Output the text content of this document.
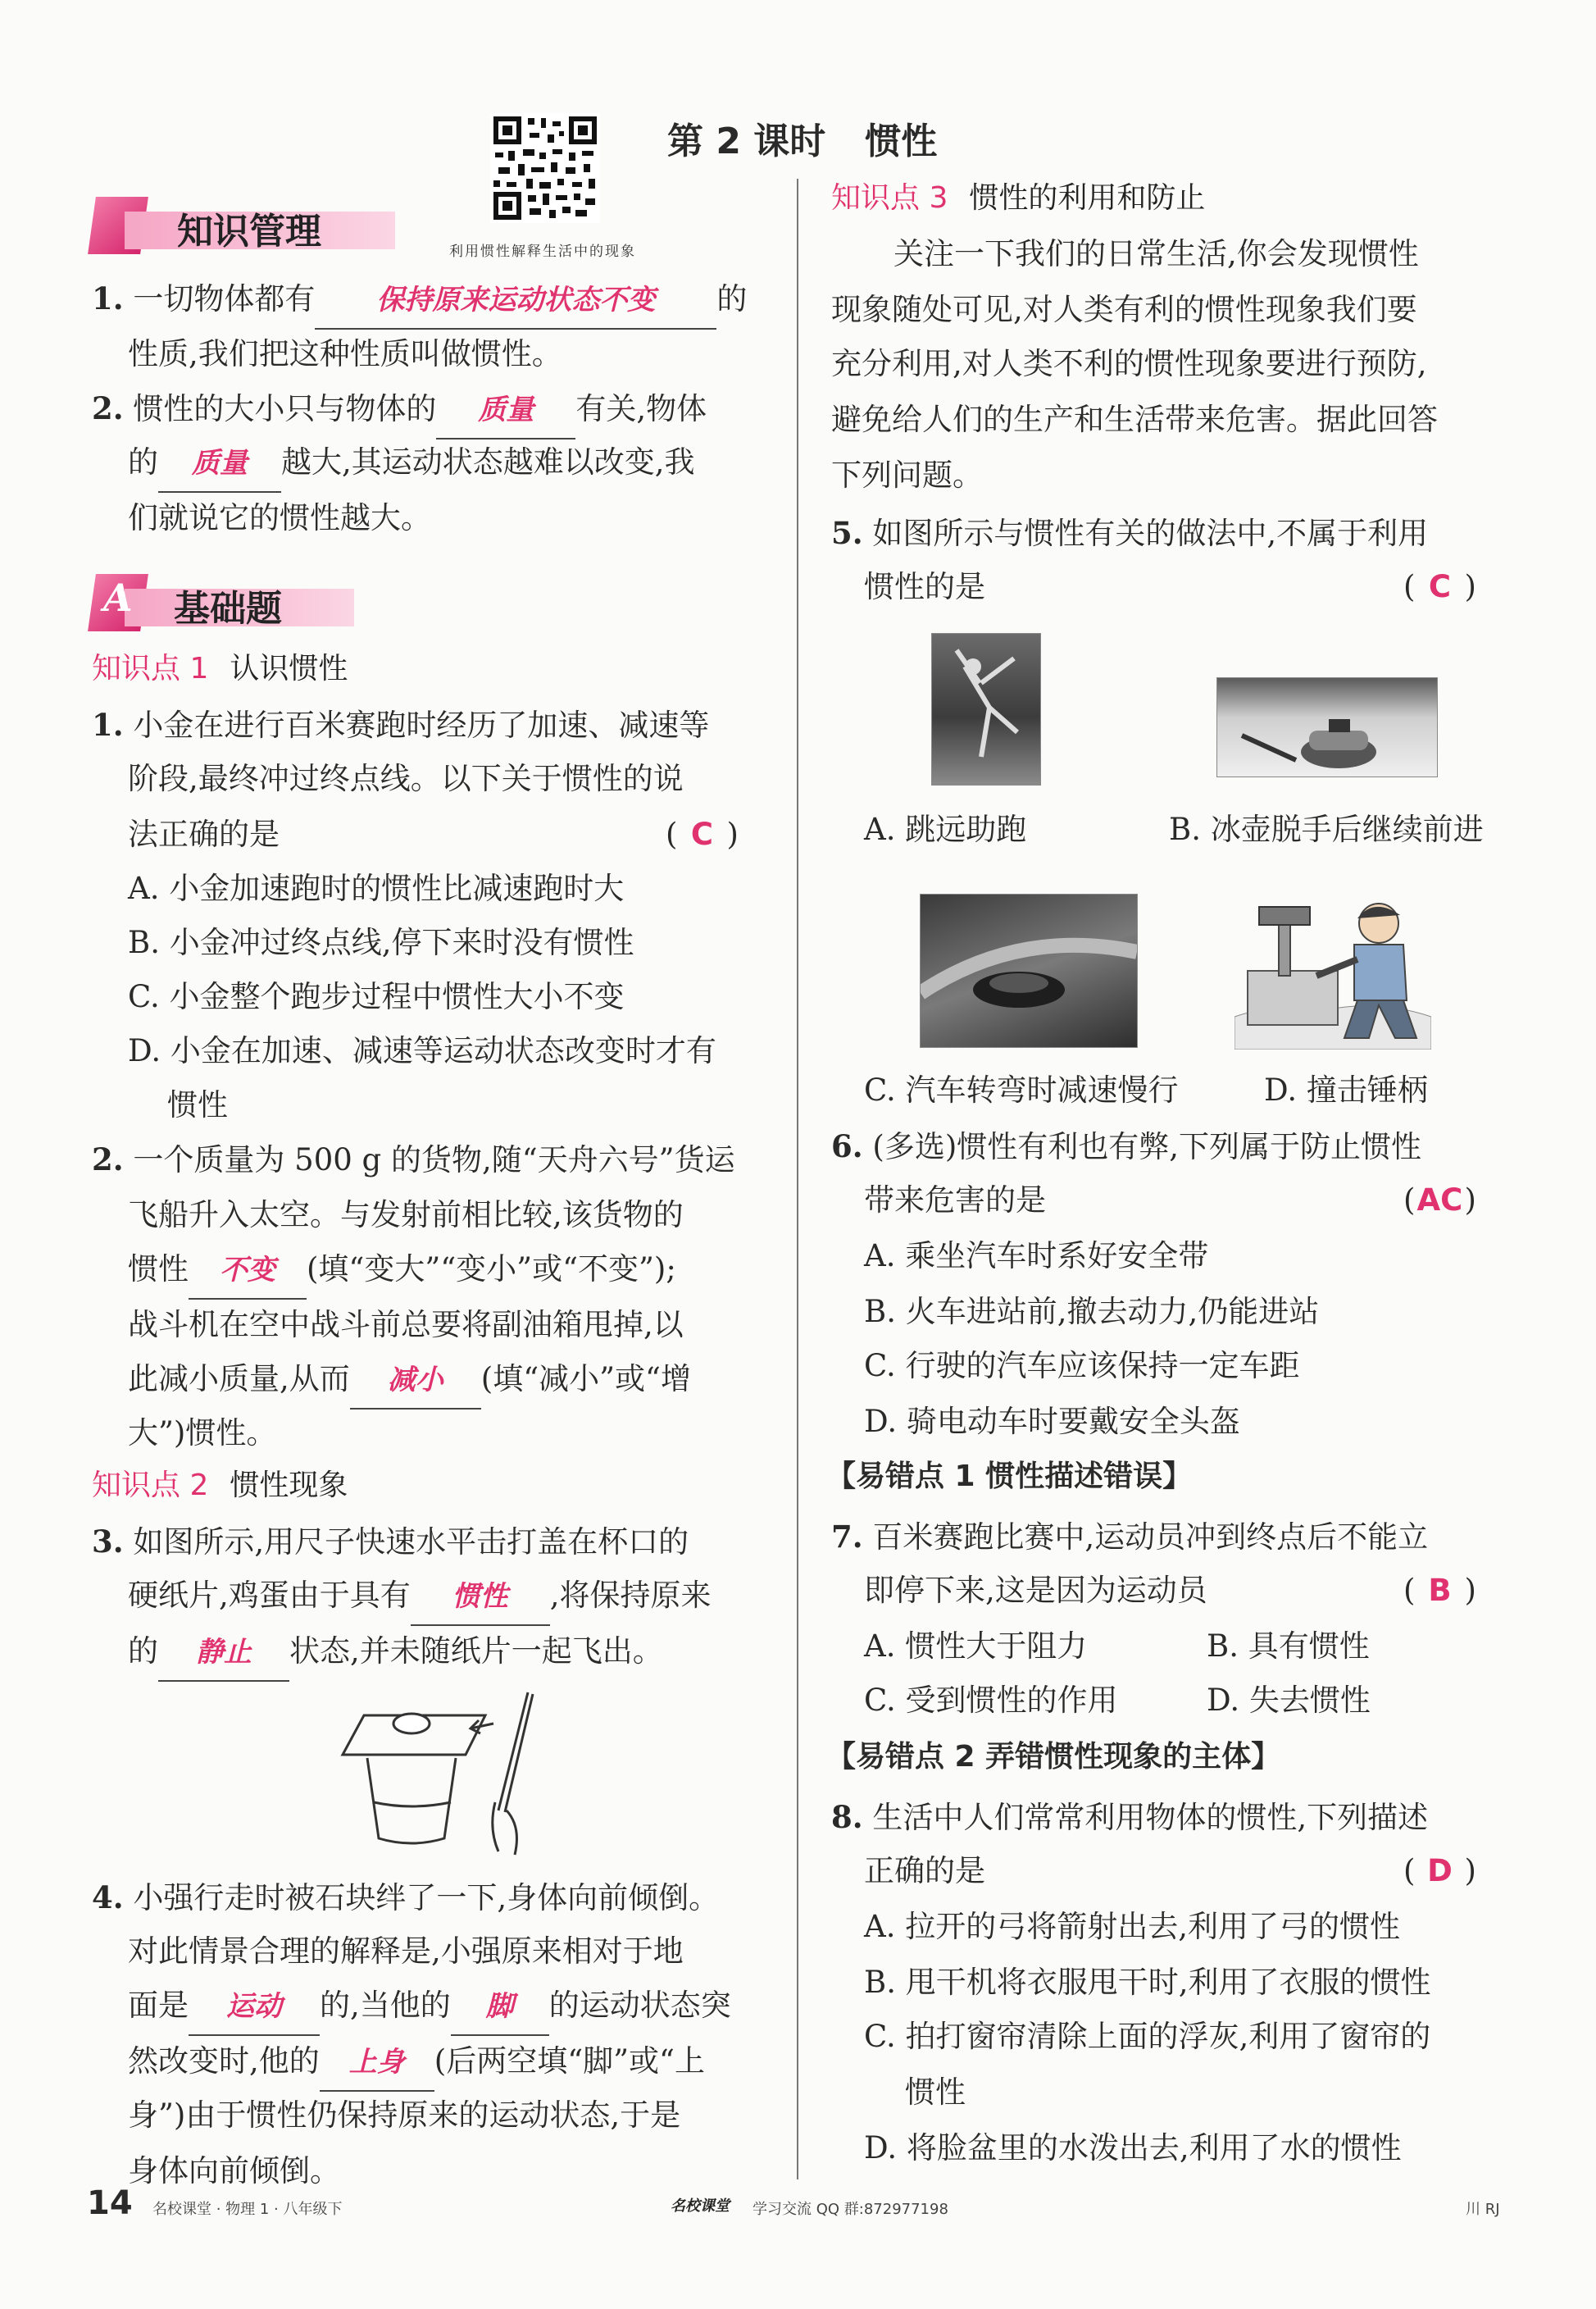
利用惯性解释生活中的现象
第 2 课时 惯性
知识管理
1. 一切物体都有 保持原来运动状态不变 的
性质,我们把这种性质叫做惯性。
2. 惯性的大小只与物体的 质量 有关,物体
的 质量 越大,其运动状态越难以改变,我
们就说它的惯性越大。
A 基础题
知识点 1 认识惯性
1. 小金在进行百米赛跑时经历了加速、减速等
阶段,最终冲过终点线。以下关于惯性的说
法正确的是	( C )
A. 小金加速跑时的惯性比减速跑时大
B. 小金冲过终点线,停下来时没有惯性
C. 小金整个跑步过程中惯性大小不变
D. 小金在加速、减速等运动状态改变时才有
惯性
2. 一个质量为 500 g 的货物,随“天舟六号”货运
飞船升入太空。与发射前相比较,该货物的
惯性 不变 (填“变大”“变小”或“不变”);
战斗机在空中战斗前总要将副油箱甩掉,以
此减小质量,从而 减小 (填“减小”或“增
大”)惯性。
知识点 2 惯性现象
3. 如图所示,用尺子快速水平击打盖在杯口的
硬纸片,鸡蛋由于具有 惯性 ,将保持原来
的 静止 状态,并未随纸片一起飞出。
4. 小强行走时被石块绊了一下,身体向前倾倒。
对此情景合理的解释是,小强原来相对于地
面是 运动 的,当他的 脚 的运动状态突
然改变时,他的 上身 (后两空填“脚”或“上
身”)由于惯性仍保持原来的运动状态,于是
身体向前倾倒。
知识点 3 惯性的利用和防止
关注一下我们的日常生活,你会发现惯性
现象随处可见,对人类有利的惯性现象我们要
充分利用,对人类不利的惯性现象要进行预防,
避免给人们的生产和生活带来危害。据此回答
下列问题。
5. 如图所示与惯性有关的做法中,不属于利用
惯性的是	( C )
A. 跳远助跑	B. 冰壶脱手后继续前进
C. 汽车转弯时减速慢行	D. 撞击锤柄
6. (多选)惯性有利也有弊,下列属于防止惯性
带来危害的是	(AC)
A. 乘坐汽车时系好安全带
B. 火车进站前,撤去动力,仍能进站
C. 行驶的汽车应该保持一定车距
D. 骑电动车时要戴安全头盔
【易错点 1 惯性描述错误】
7. 百米赛跑比赛中,运动员冲到终点后不能立
即停下来,这是因为运动员	( B )
A. 惯性大于阻力	B. 具有惯性
C. 受到惯性的作用	D. 失去惯性
【易错点 2 弄错惯性现象的主体】
8. 生活中人们常常利用物体的惯性,下列描述
正确的是	( D )
A. 拉开的弓将箭射出去,利用了弓的惯性
B. 甩干机将衣服甩干时,利用了衣服的惯性
C. 拍打窗帘清除上面的浮灰,利用了窗帘的
惯性
D. 将脸盆里的水泼出去,利用了水的惯性
14 名校课堂 · 物理 1 · 八年级下	名校课堂 学习交流 QQ 群:872977198	川 RJ
